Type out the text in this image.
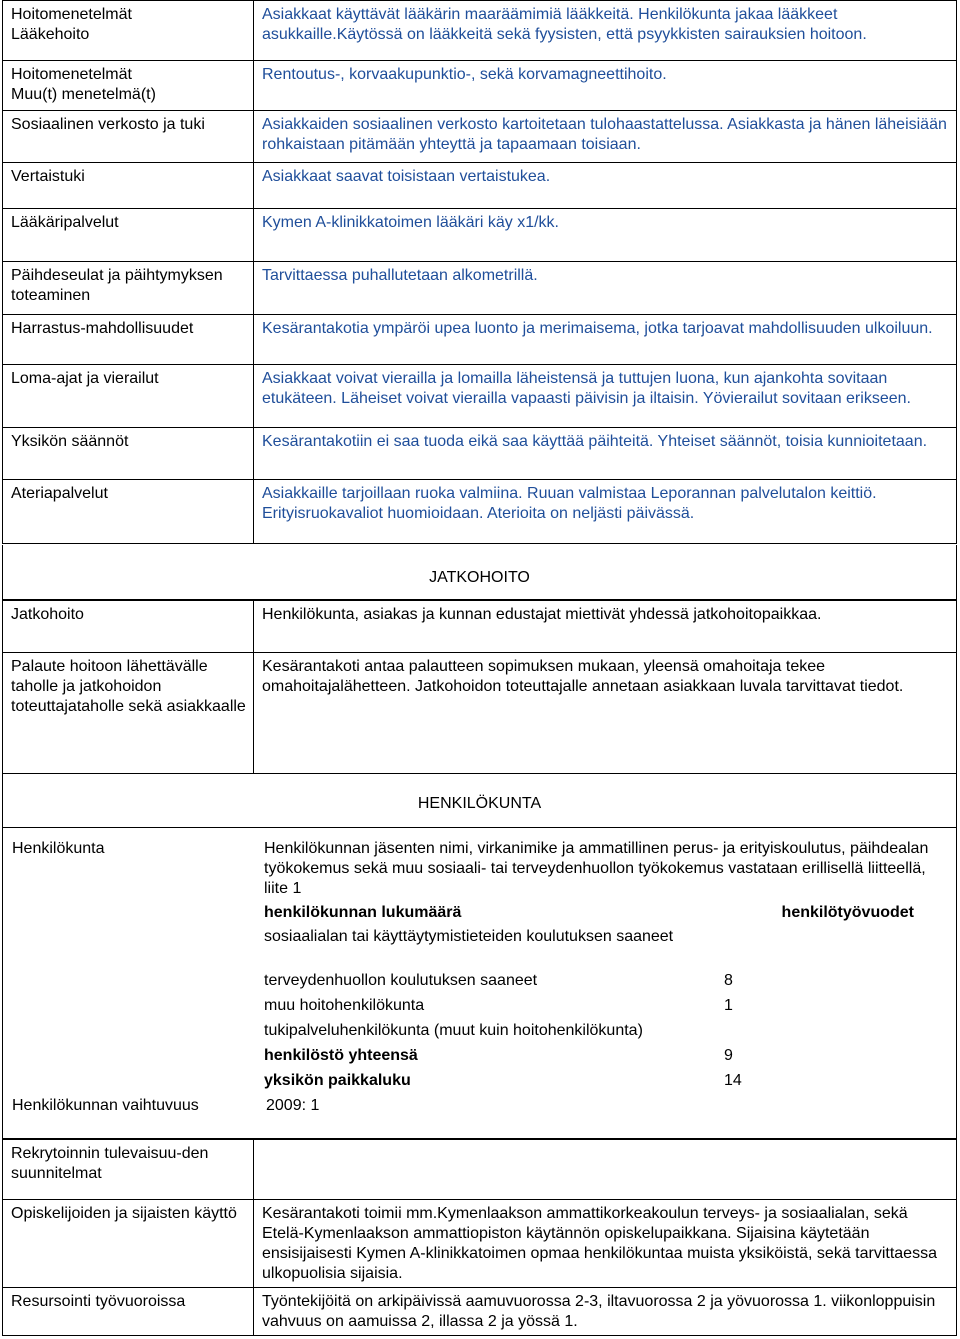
Hoitomenetelmät
Lääkehoito	Asiakkaat käyttävät lääkärin maaräämimiä lääkkeitä. Henkilökunta jakaa lääkkeet asukkaille.Käytössä on lääkkeitä sekä fyysisten, että psyykkisten sairauksien hoitoon.

Hoitomenetelmät
Muu(t) menetelmä(t)	Rentoutus-, korvaakupunktio-, sekä korvamagneettihoito.
Sosiaalinen verkosto ja tuki	Asiakkaiden sosiaalinen verkosto kartoitetaan tulohaastattelussa. Asiakkasta ja hänen läheisiään rohkaistaan pitämään yhteyttä ja tapaamaan toisiaan.
Vertaistuki	Asiakkaat saavat toisistaan vertaistukea.
Lääkäripalvelut	Kymen A-klinikkatoimen lääkäri käy x1/kk.
Päihdeseulat ja päihtymyksen toteaminen	Tarvittaessa puhallutetaan alkometrillä.
Harrastus-mahdollisuudet	Kesärantakotia ympäröi upea luonto ja merimaisema, jotka tarjoavat mahdollisuuden ulkoiluun.
Loma-ajat ja vierailut	Asiakkaat voivat vierailla ja lomailla läheistensä ja tuttujen luona, kun ajankohta sovitaan etukäteen. Läheiset voivat vierailla vapaasti päivisin ja iltaisin. Yövierailut sovitaan erikseen.
Yksikön säännöt	Kesärantakotiin ei saa tuoda eikä saa käyttää päihteitä. Yhteiset säännöt, toisia kunnioitetaan.
Ateriapalvelut	Asiakkaille tarjoillaan ruoka valmiina. Ruuan valmistaa Leporannan palvelutalon keittiö. Erityisruokavaliot huomioidaan. Aterioita on neljästi päivässä.
JATKOHOITO
Jatkohoito	Henkilökunta, asiakas ja kunnan edustajat miettivät yhdessä jatkohoitopaikkaa.
Palaute hoitoon lähettävälle taholle ja jatkohoidon toteuttajataholle sekä asiakkaalle	Kesärantakoti antaa palautteen sopimuksen mukaan, yleensä omahoitaja tekee omahoitajalähetteen. Jatkohoidon toteuttajalle annetaan asiakkaan luvala tarvittavat tiedot.
HENKILÖKUNTA
Henkilökunta	Henkilökunnan jäsenten nimi, virkanimike ja ammatillinen perus- ja erityiskoulutus, päihdealan työkokemus sekä muu sosiaali- tai terveydenhuollon työkokemus vastataan erillisellä liitteellä, liite 1
henkilökunnan lukumäärä	henkilötyövuodet
sosiaalialan tai käyttäytymistieteiden koulutuksen saaneet
terveydenhuollon koulutuksen saaneet	8
muu hoitohenkilökunta	1
tukipalveluhenkilökunta (muut kuin hoitohenkilökunta)
henkilöstö yhteensä	9
yksikön paikkaluku	14
Henkilökunnan vaihtuvuus	2009: 1
Rekrytoinnin tulevaisuu-den suunnitelmat	
Opiskelijoiden ja sijaisten käyttö	Kesärantakoti toimii mm.Kymenlaakson ammattikorkeakoulun terveys- ja sosiaalialan, sekä Etelä-Kymenlaakson ammattiopiston käytännön opiskelupaikkana. Sijaisina käytetään ensisijaisesti Kymen A-klinikkatoimen opmaa henkilökuntaa muista yksiköistä, sekä tarvittaessa ulkopuolisia sijaisia.
Resursointi työvuoroissa	Työntekijöitä on arkipäivissä aamuvuorossa 2-3, iltavuorossa 2 ja yövuorossa 1. viikonloppuisin vahvuus on aamuissa 2, illassa 2 ja yössä 1.
